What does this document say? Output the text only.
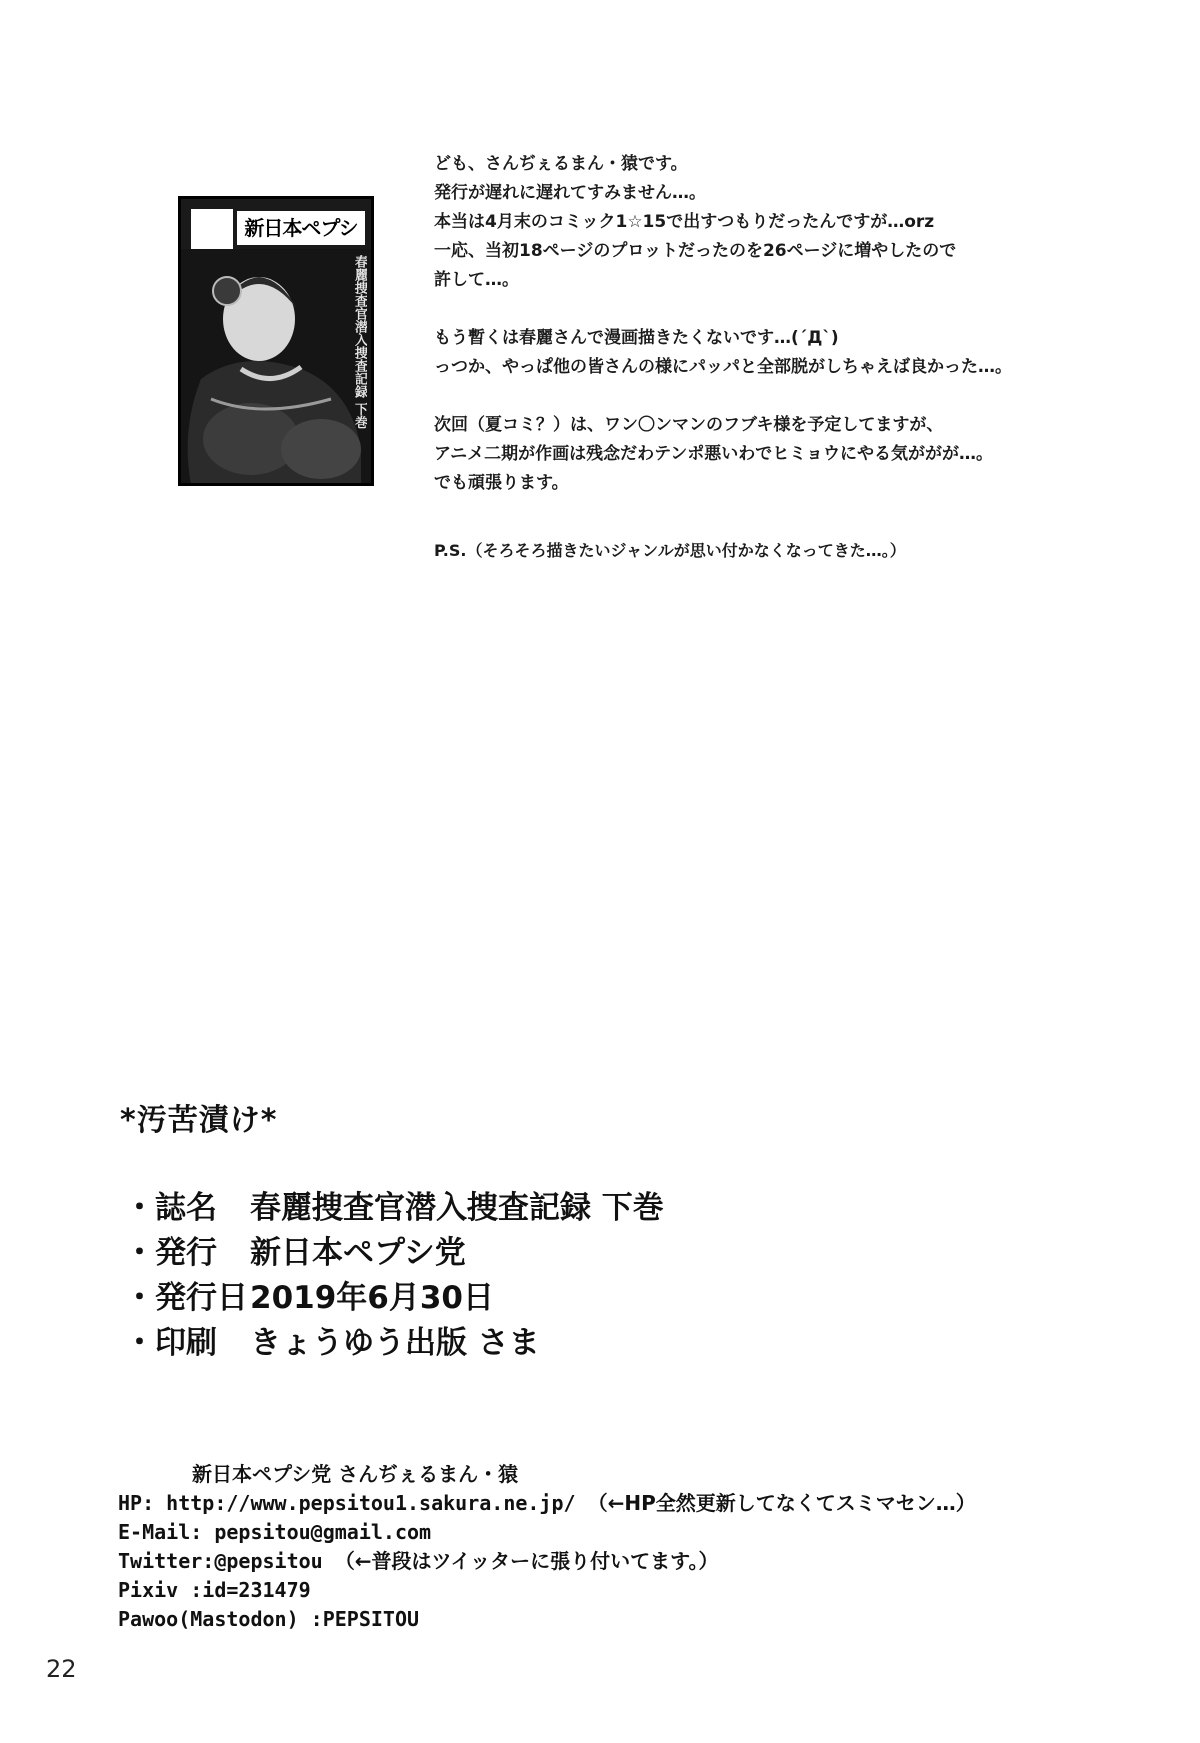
新日本ペプシ
春麗捜査官潜入捜査記録 下巻

ども、さんぢぇるまん・猿です。

発行が遅れに遅れてすみません…。

本当は4月末のコミック1☆15で出すつもりだったんですが…orz

一応、当初18ページのプロットだったのを26ページに増やしたので

許して…。

もう暫くは春麗さんで漫画描きたくないです…(´Д`)

っつか、やっぱ他の皆さんの様にパッパと全部脱がしちゃえば良かった…。

次回（夏コミ？）は、ワン〇ンマンのフブキ様を予定してますが、

アニメ二期が作画は残念だわテンポ悪いわでヒミョウにやる気ががが…。

でも頑張ります。

P.S.（そろそろ描きたいジャンルが思い付かなくなってきた…。）

*汚苦漬け*
・誌名	春麗捜査官潜入捜査記録 下巻
・発行	新日本ペプシ党
・発行日 2019年6月30日
・印刷	きょうゆう出版 さま
新日本ペプシ党 さんぢぇるまん・猿
HP: http://www.pepsitou1.sakura.ne.jp/ （←HP全然更新してなくてスミマセン…）
E-Mail: pepsitou@gmail.com
Twitter:@pepsitou （←普段はツイッターに張り付いてます。）
Pixiv :id=231479
Pawoo(Mastodon) :PEPSITOU
22
